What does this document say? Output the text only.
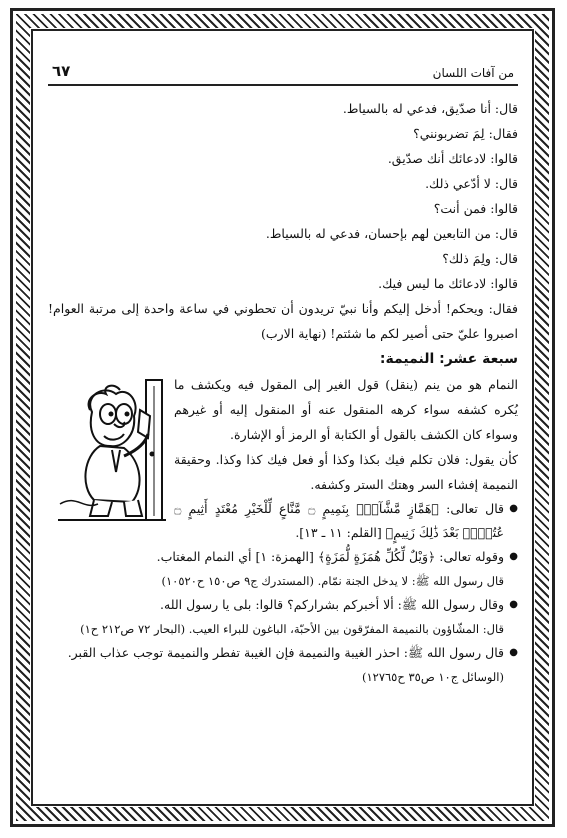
٦٧	من آفات اللسان

قال: أنا صدّيق، فدعي له بالسياط.

فقال: لِمَ تضربونني؟

قالوا: لادعائك أنك صدّيق.

قال: لا أدّعي ذلك.

قالوا: فمن أنت؟

قال: من التابعين لهم بإحسان، فدعي له بالسياط.

قال: ولِمَ ذلك؟

قالوا: لادعائك ما ليس فيك.

فقال: ويحكم! أدخل إليكم وأنا نبيّ تريدون أن تحطوني في ساعة واحدة إلى مرتبة العوام! اصبروا عليّ حتى أصير لكم ما شئتم! (نهاية الارب)

سبعة عشر: النميمة:

النمام هو من ينم (ينقل) قول الغير إلى المقول فيه ويكشف ما يُكره كشفه سواء كرهه المنقول عنه أو المنقول إليه أو غيرهم وسواء كان الكشف بالقول أو الكتابة أو الرمز أو الإشارة.

كأن يقول: فلان تكلم فيك بكذا وكذا أو فعل فيك كذا وكذا. وحقيقة النميمة إفشاء السر وهتك الستر وكشفه.

● قال تعالى: ﴿هَمَّازٍ مَّشَّآءِۭ بِنَمِيمٍ ۝ مَّنَّاعٍ لِّلْخَيْرِ مُعْتَدٍ أَثِيمٍ ۝ عُتُلٍّۭ بَعْدَ ذَٰلِكَ زَنِيمٍ﴾ [القلم: ١١ ـ ١٣].

● وقوله تعالى: ﴿وَيْلٌ لِّكُلِّ هُمَزَةٍ لُّمَزَةٍ﴾ [الهمزة: ١] أي النمام المغتاب.

قال رسول الله ﷺ: لا يدخل الجنة نمّام. (المستدرك ج٩ ص١٥٠ ح١٠٥٢٠)

● وقال رسول الله ﷺ: ألا أخبركم بشراركم؟ قالوا: بلى يا رسول الله.

قال: المشّاؤون بالنميمة المفرّقون بين الأحبّة، الباغون للبراء العيب. (البحار ٧٢ ص٢١٢ ح١)

● قال رسول الله ﷺ: احذر الغيبة والنميمة فإن الغيبة تفطر والنميمة توجب عذاب القبر.

(الوسائل ج١٠ ص٣٥ ح١٢٧٦٥)
